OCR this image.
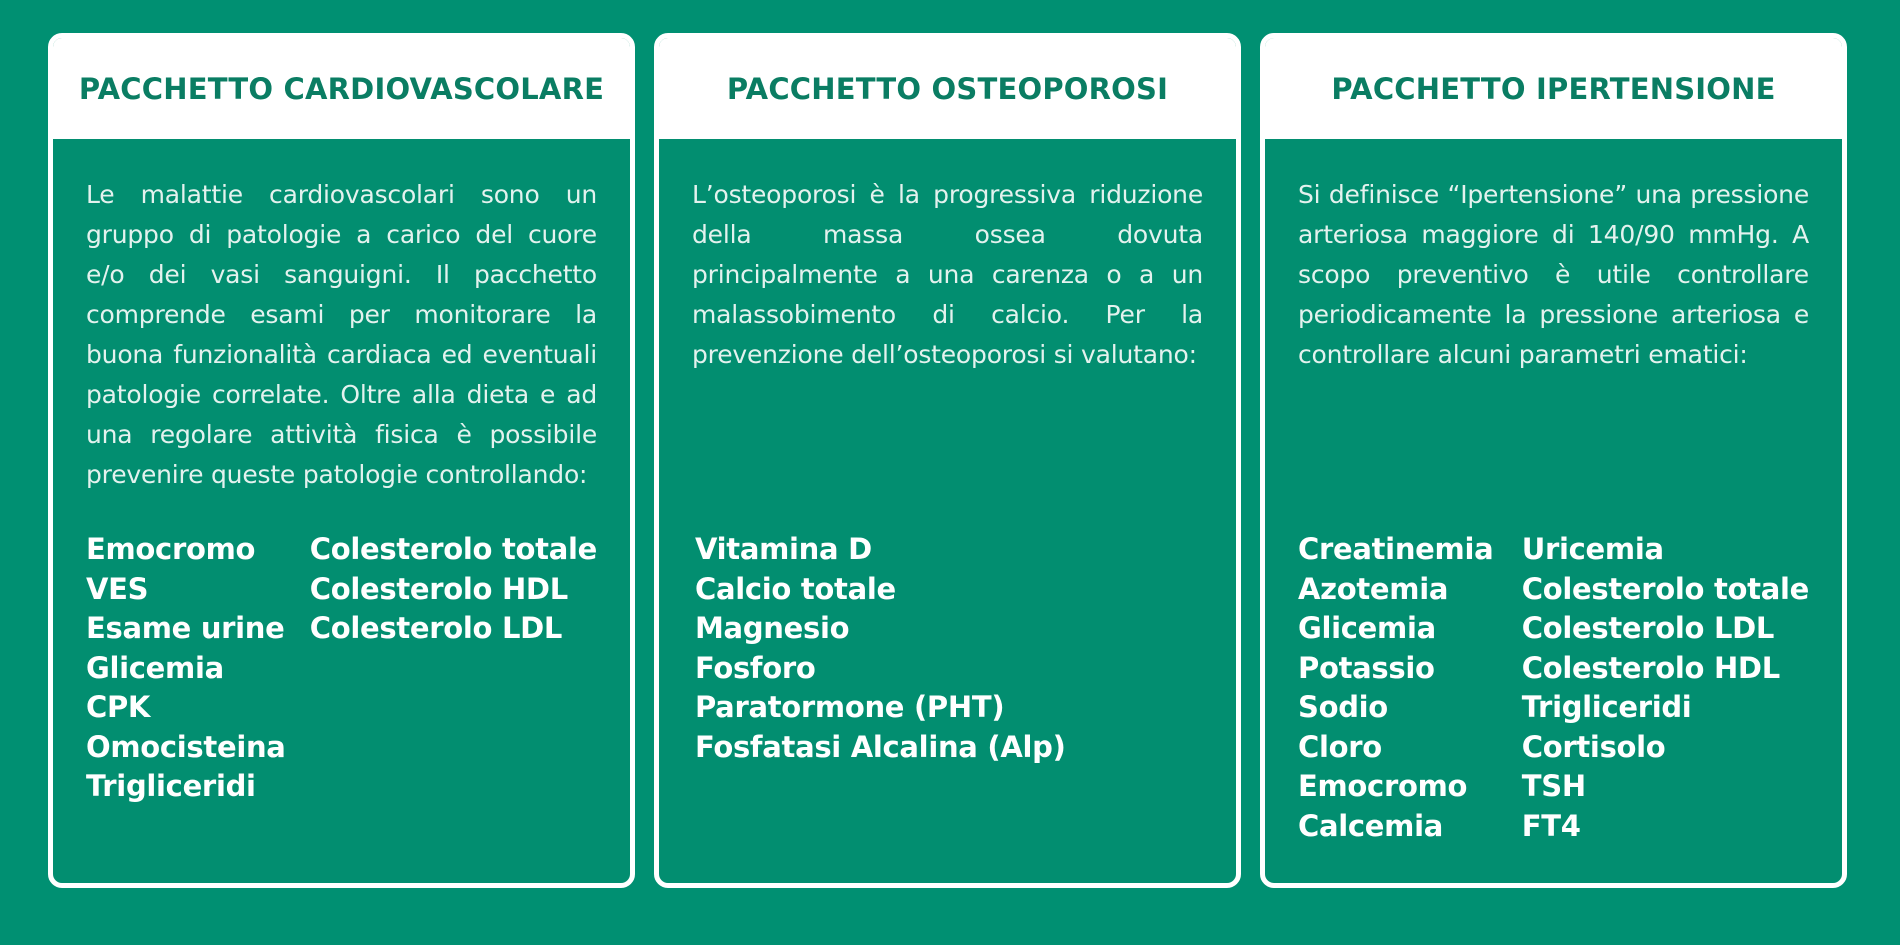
PACCHETTO CARDIOVASCOLARE

Le malattie cardiovascolari sono un gruppo di patologie a carico del cuore e/o dei vasi sanguigni. Il pacchetto comprende esami per monitorare la buona funzionalità cardiaca ed eventuali patologie correlate. Oltre alla dieta e ad una regolare attività fisica è possibile prevenire queste patologie controllando:

Emocromo
VES
Esame urine
Glicemia
CPK
Omocisteina
Trigliceridi
Colesterolo totale
Colesterolo HDL
Colesterolo LDL
PACCHETTO OSTEOPOROSI

L’osteoporosi è la progressiva riduzione della massa ossea dovuta principalmente a una carenza o a un malassobimento di calcio. Per la prevenzione dell’osteoporosi si valutano:

Vitamina D
Calcio totale
Magnesio
Fosforo
Paratormone (PHT)
Fosfatasi Alcalina (Alp)
PACCHETTO IPERTENSIONE

Si definisce “Ipertensione” una pressione arteriosa maggiore di 140/90 mmHg. A scopo preventivo è utile controllare periodicamente la pressione arteriosa e controllare alcuni parametri ematici:

Creatinemia
Azotemia
Glicemia
Potassio
Sodio
Cloro
Emocromo
Calcemia
Uricemia
Colesterolo totale
Colesterolo LDL
Colesterolo HDL
Trigliceridi
Cortisolo
TSH
FT4
